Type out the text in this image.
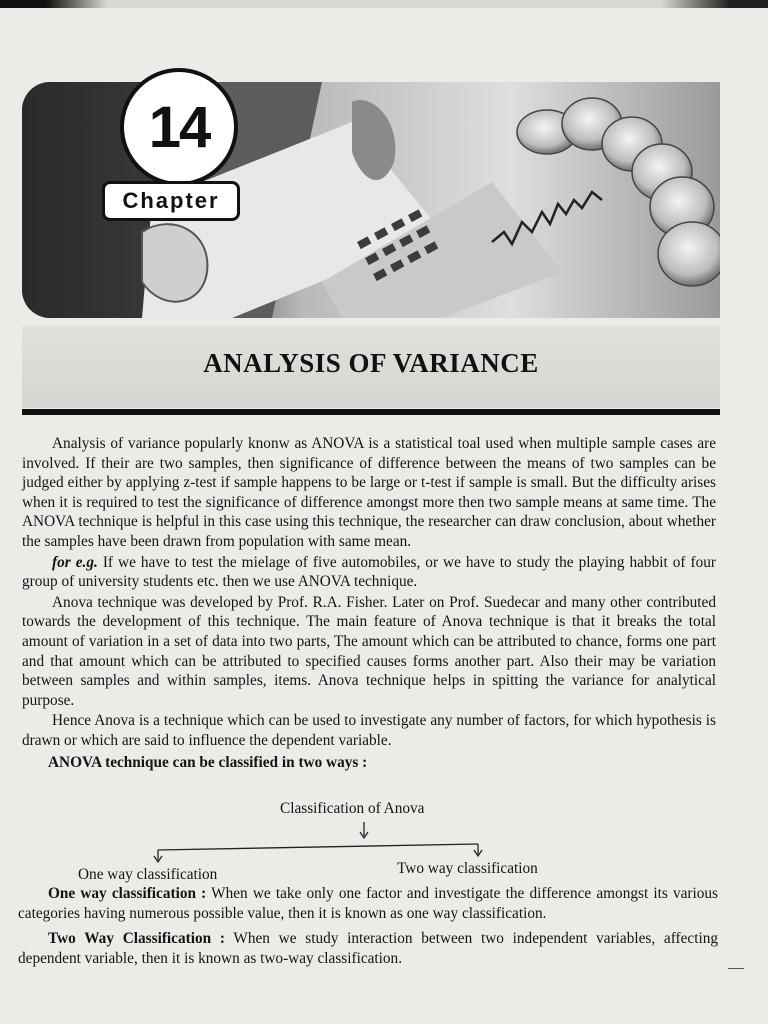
14
Chapter
ANALYSIS OF VARIANCE

Analysis of variance popularly knonw as ANOVA is a statistical toal used when multiple sample cases are involved. If their are two samples, then significance of difference between the means of two samples can be judged either by applying z-test if sample happens to be large or t-test if sample is small. But the difficulty arises when it is required to test the significance of difference amongst more then two sample means at same time. The ANOVA technique is helpful in this case using this technique, the researcher can draw conclusion, about whether the samples have been drawn from population with same mean.

for e.g. If we have to test the mielage of five automobiles, or we have to study the playing habbit of four group of university students etc. then we use ANOVA technique.

Anova technique was developed by Prof. R.A. Fisher. Later on Prof. Suedecar and many other contributed towards the development of this technique. The main feature of Anova technique is that it breaks the total amount of variation in a set of data into two parts, The amount which can be attributed to chance, forms one part and that amount which can be attributed to specified causes forms another part. Also their may be variation between samples and within samples, items. Anova technique helps in spitting the variance for analytical purpose.

Hence Anova is a technique which can be used to investigate any number of factors, for which hypothesis is drawn or which are said to influence the dependent variable.

ANOVA technique can be classified in two ways :
Classification of Anova
One way classification	Two way classification

One way classification : When we take only one factor and investigate the difference amongst its various categories having numerous possible value, then it is known as one way classification.

Two Way Classification : When we study interaction between two independent variables, affecting dependent variable, then it is known as two-way classification.
